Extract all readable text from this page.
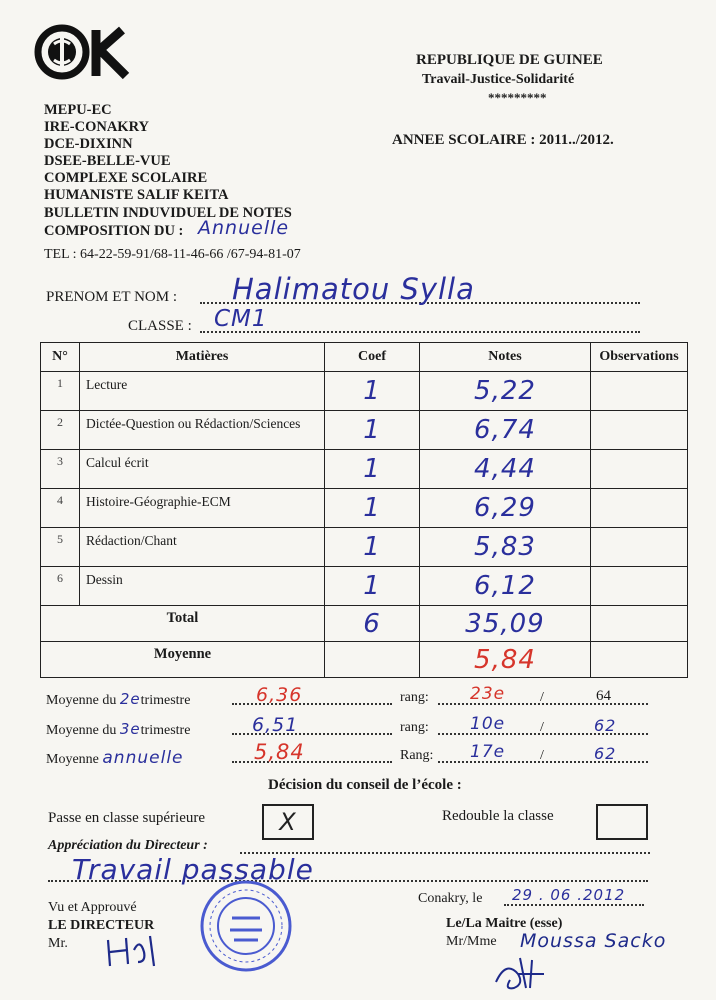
MEPU-EC
IRE-CONAKRY
DCE-DIXINN
DSEE-BELLE-VUE
COMPLEXE SCOLAIRE
HUMANISTE SALIF KEITA
BULLETIN INDUVIDUEL DE NOTES
COMPOSITION DU : Annuelle
TEL : 64-22-59-91/68-11-46-66 /67-94-81-07
REPUBLIQUE DE GUINEE
Travail-Justice-Solidarité
*********
ANNEE SCOLAIRE : 2011../2012.
PRENOM ET NOM : Halimatou Sylla
CLASSE : CM1
N°	Matières	Coef	Notes	Observations
1	Lecture	1	5,22	
2	Dictée-Question ou Rédaction/Sciences	1	6,74	
3	Calcul écrit	1	4,44	
4	Histoire-Géographie-ECM	1	6,29	
5	Rédaction/Chant	1	5,83	
6	Dessin	1	6,12	
Total		6	35,09	
Moyenne			5,84	
Moyenne du 2etrimestre	6,36	rang: 23e /	64
Moyenne du 3etrimestre	6,51	rang: 10e /	62
Moyenne annuelle	5,84	Rang: 17e /	62
Décision du conseil de l’école :
Passe en classe supérieure	X	Redouble la classe
Appréciation du Directeur :
Travail passable
Vu et Approuvé
LE DIRECTEUR
Mr.
Conakry, le 29 . 06 .2012
Le/La Maitre (esse)
Mr/Mme Moussa Sacko
